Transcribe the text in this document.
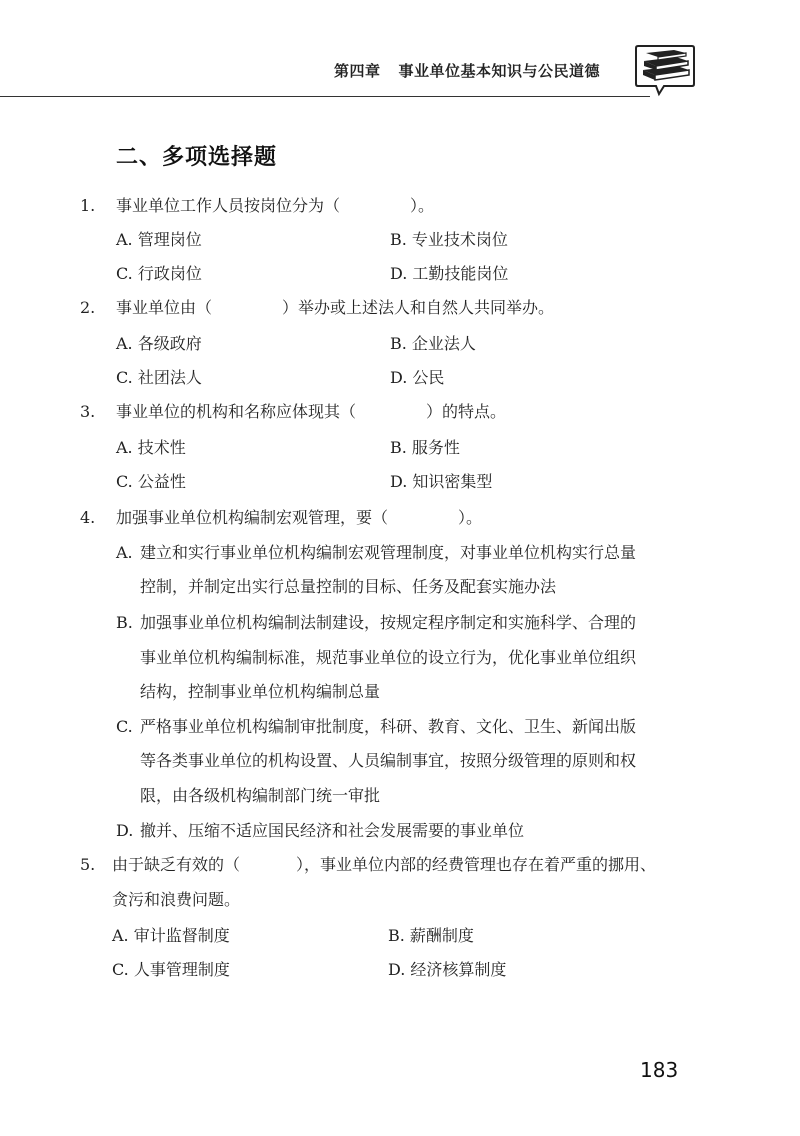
第四章 事业单位基本知识与公民道德
二、多项选择题
1. 事业单位工作人员按岗位分为（	）。
A. 管理岗位	B. 专业技术岗位
C. 行政岗位	D. 工勤技能岗位
2. 事业单位由（	）举办或上述法人和自然人共同举办。
A. 各级政府	B. 企业法人
C. 社团法人	D. 公民
3. 事业单位的机构和名称应体现其（	）的特点。
A. 技术性	B. 服务性
C. 公益性	D. 知识密集型
4. 加强事业单位机构编制宏观管理，要（	）。
A. 建立和实行事业单位机构编制宏观管理制度，对事业单位机构实行总量
控制，并制定出实行总量控制的目标、任务及配套实施办法
B. 加强事业单位机构编制法制建设，按规定程序制定和实施科学、合理的
事业单位机构编制标准，规范事业单位的设立行为，优化事业单位组织
结构，控制事业单位机构编制总量
C. 严格事业单位机构编制审批制度，科研、教育、文化、卫生、新闻出版
等各类事业单位的机构设置、人员编制事宜，按照分级管理的原则和权
限，由各级机构编制部门统一审批
D. 撤并、压缩不适应国民经济和社会发展需要的事业单位
5. 由于缺乏有效的（	），事业单位内部的经费管理也存在着严重的挪用、
贪污和浪费问题。
A. 审计监督制度	B. 薪酬制度
C. 人事管理制度	D. 经济核算制度
183
